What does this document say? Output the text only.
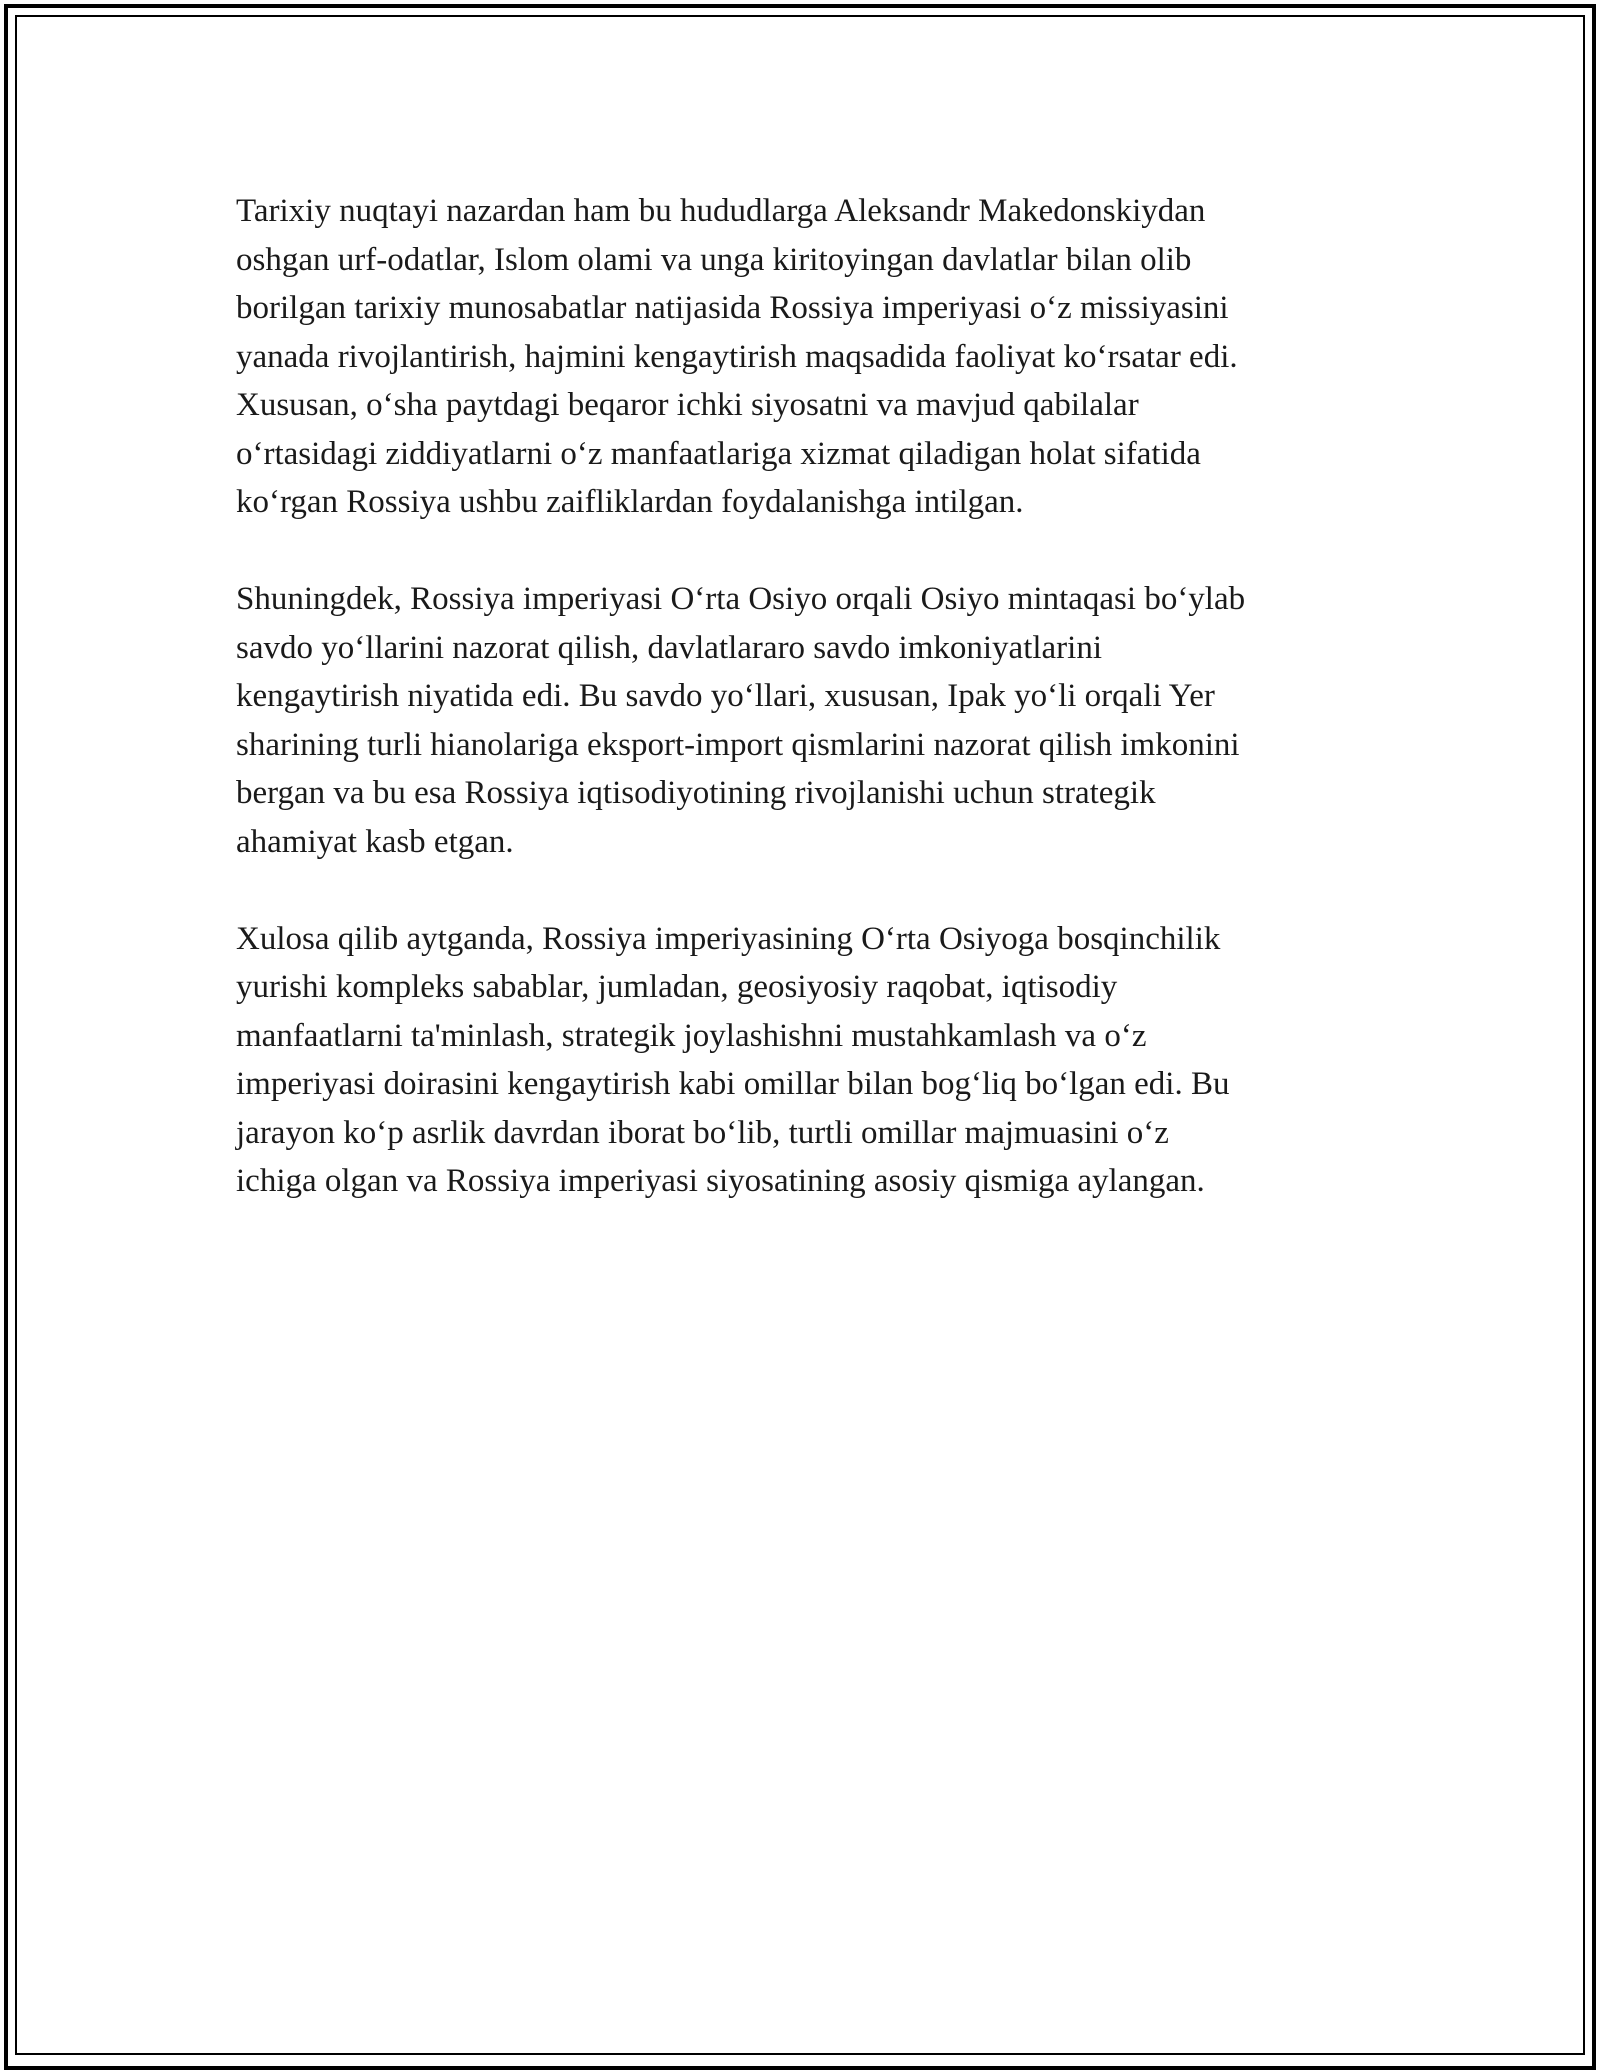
Tarixiy nuqtayi nazardan ham bu hududlarga Aleksandr Makedonskiydan
oshgan urf-odatlar, Islom olami va unga kiritoyingan davlatlar bilan olib
borilgan tarixiy munosabatlar natijasida Rossiya imperiyasi o‘z missiyasini
yanada rivojlantirish, hajmini kengaytirish maqsadida faoliyat ko‘rsatar edi.
Xususan, o‘sha paytdagi beqaror ichki siyosatni va mavjud qabilalar
o‘rtasidagi ziddiyatlarni o‘z manfaatlariga xizmat qiladigan holat sifatida
ko‘rgan Rossiya ushbu zaifliklardan foydalanishga intilgan.

Shuningdek, Rossiya imperiyasi O‘rta Osiyo orqali Osiyo mintaqasi bo‘ylab
savdo yo‘llarini nazorat qilish, davlatlararo savdo imkoniyatlarini
kengaytirish niyatida edi. Bu savdo yo‘llari, xususan, Ipak yo‘li orqali Yer
sharining turli hianolariga eksport-import qismlarini nazorat qilish imkonini
bergan va bu esa Rossiya iqtisodiyotining rivojlanishi uchun strategik
ahamiyat kasb etgan.

Xulosa qilib aytganda, Rossiya imperiyasining O‘rta Osiyoga bosqinchilik
yurishi kompleks sabablar, jumladan, geosiyosiy raqobat, iqtisodiy
manfaatlarni ta'minlash, strategik joylashishni mustahkamlash va o‘z
imperiyasi doirasini kengaytirish kabi omillar bilan bog‘liq bo‘lgan edi. Bu
jarayon ko‘p asrlik davrdan iborat bo‘lib, turtli omillar majmuasini o‘z
ichiga olgan va Rossiya imperiyasi siyosatining asosiy qismiga aylangan.
